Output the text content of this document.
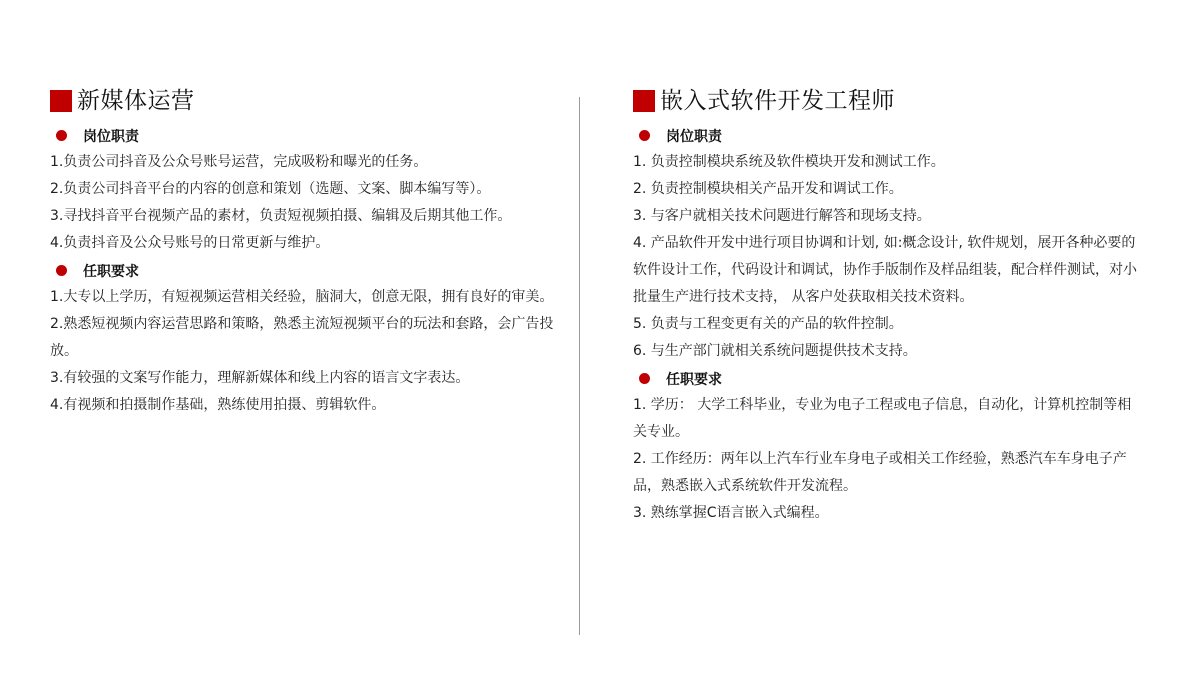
新媒体运营
岗位职责
1.负责公司抖音及公众号账号运营，完成吸粉和曝光的任务。
2.负责公司抖音平台的内容的创意和策划（选题、文案、脚本编写等）。
3.寻找抖音平台视频产品的素材，负责短视频拍摄、编辑及后期其他工作。
4.负责抖音及公众号账号的日常更新与维护。
任职要求
1.大专以上学历，有短视频运营相关经验，脑洞大，创意无限，拥有良好的审美。
2.熟悉短视频内容运营思路和策略，熟悉主流短视频平台的玩法和套路，会广告投放。
3.有较强的文案写作能力，理解新媒体和线上内容的语言文字表达。
4.有视频和拍摄制作基础，熟练使用拍摄、剪辑软件。
嵌入式软件开发工程师
岗位职责
1. 负责控制模块系统及软件模块开发和测试工作。
2. 负责控制模块相关产品开发和调试工作。
3. 与客户就相关技术问题进行解答和现场支持。
4. 产品软件开发中进行项目协调和计划, 如:概念设计, 软件规划，展开各种必要的软件设计工作，代码设计和调试，协作手版制作及样品组装，配合样件测试，对小批量生产进行技术支持， 从客户处获取相关技术资料。
5. 负责与工程变更有关的产品的软件控制。
6. 与生产部门就相关系统问题提供技术支持。
任职要求
1. 学历： 大学工科毕业，专业为电子工程或电子信息，自动化，计算机控制等相关专业。
2. 工作经历：两年以上汽车行业车身电子或相关工作经验，熟悉汽车车身电子产品，熟悉嵌入式系统软件开发流程。
3. 熟练掌握C语言嵌入式编程。
